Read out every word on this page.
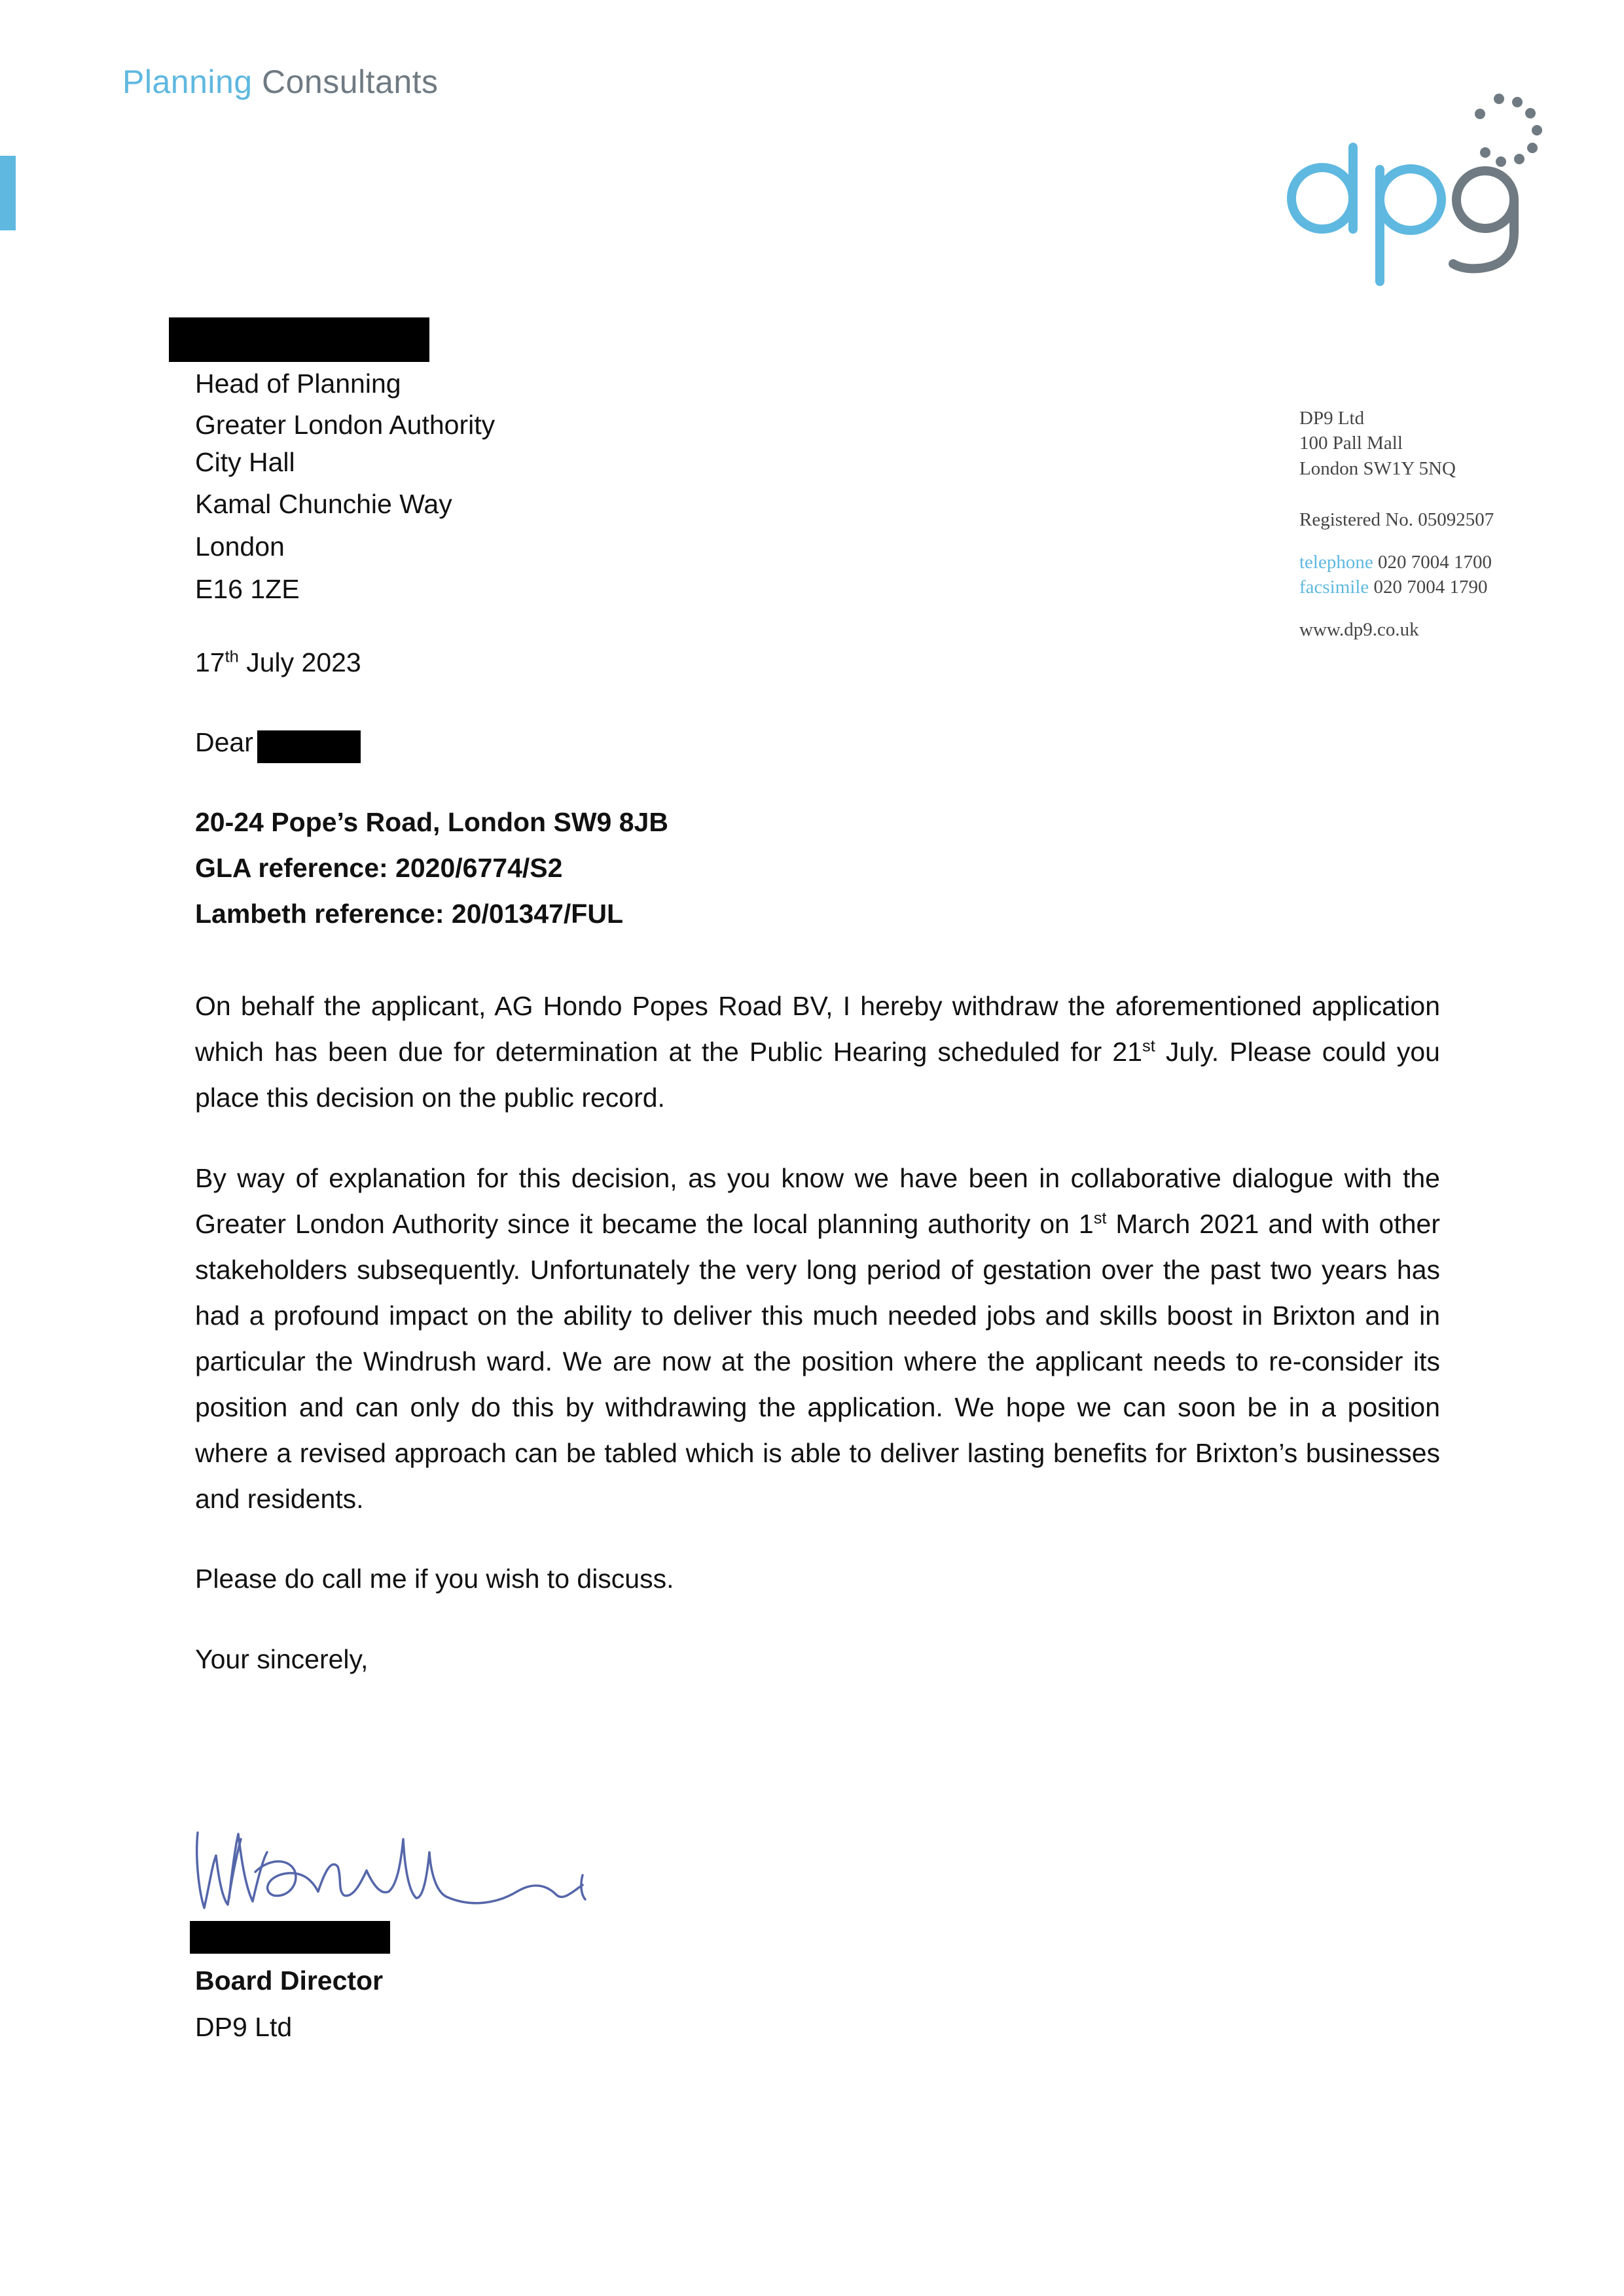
Planning Consultants
Head of Planning
Greater London Authority
City Hall
Kamal Chunchie Way
London
E16 1ZE
DP9 Ltd
100 Pall Mall
London SW1Y 5NQ
Registered No. 05092507
telephone 020 7004 1700
facsimile 020 7004 1790
www.dp9.co.uk
17th July 2023
Dear
20-24 Pope’s Road, London SW9 8JB
GLA reference: 2020/6774/S2
Lambeth reference: 20/01347/FUL
On behalf the applicant, AG Hondo Popes Road BV, I hereby withdraw the aforementioned application which has been due for determination at the Public Hearing scheduled for 21st July. Please could you place this decision on the public record.
By way of explanation for this decision, as you know we have been in collaborative dialogue with the Greater London Authority since it became the local planning authority on 1st March 2021 and with other stakeholders subsequently. Unfortunately the very long period of gestation over the past two years has had a profound impact on the ability to deliver this much needed jobs and skills boost in Brixton and in particular the Windrush ward. We are now at the position where the applicant needs to re-consider its position and can only do this by withdrawing the application. We hope we can soon be in a position where a revised approach can be tabled which is able to deliver lasting benefits for Brixton’s businesses and residents.
Please do call me if you wish to discuss.
Your sincerely,
Board Director
DP9 Ltd
